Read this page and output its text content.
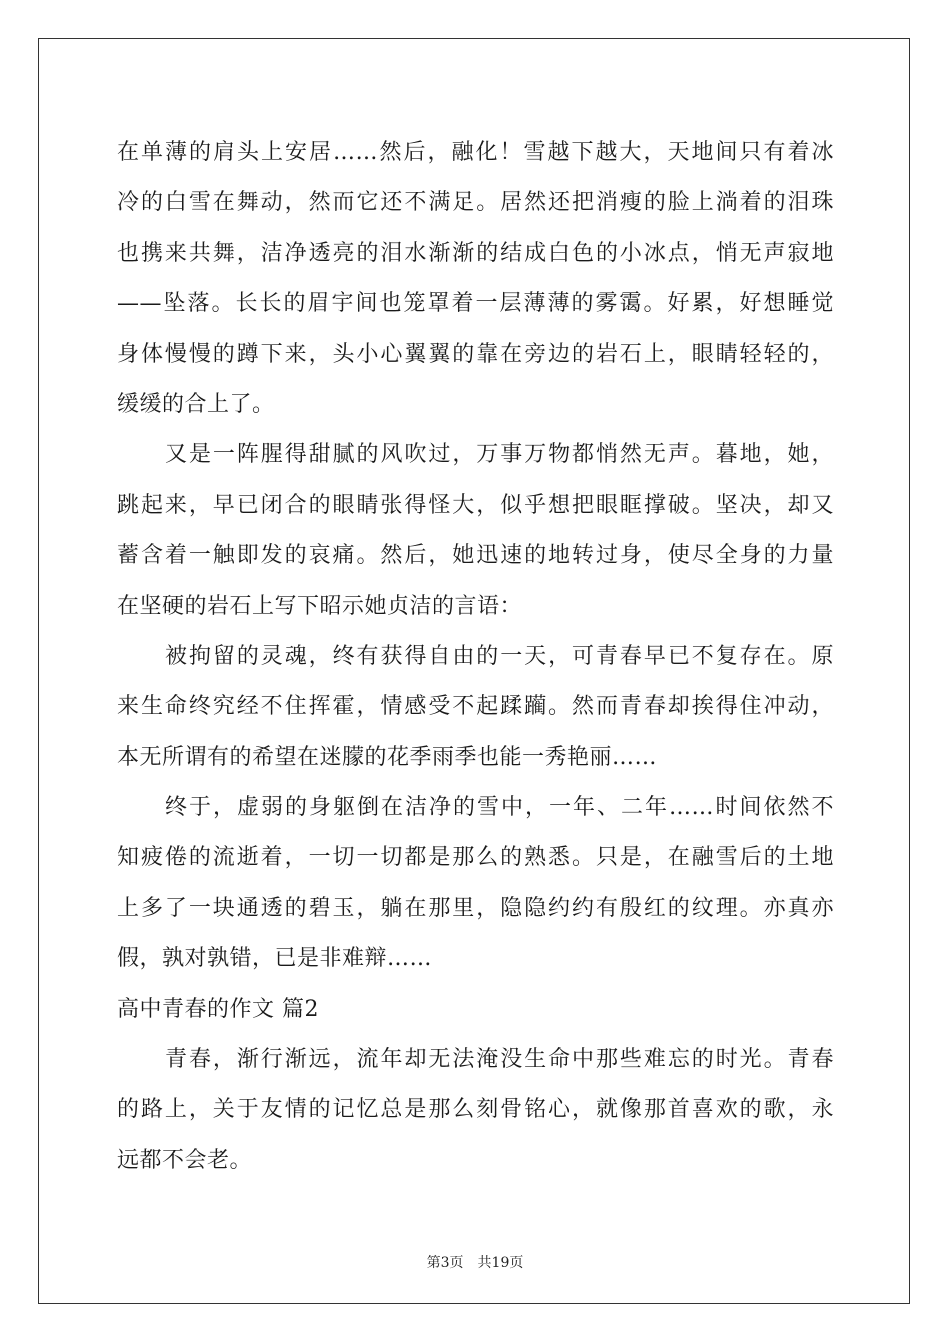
在单薄的肩头上安居……然后，融化！雪越下越大，天地间只有着冰
冷的白雪在舞动，然而它还不满足。居然还把消瘦的脸上淌着的泪珠
也携来共舞，洁净透亮的泪水渐渐的结成白色的小冰点，悄无声寂地
——坠落。长长的眉宇间也笼罩着一层薄薄的雾霭。好累，好想睡觉
身体慢慢的蹲下来，头小心翼翼的靠在旁边的岩石上，眼睛轻轻的，
缓缓的合上了。
又是一阵腥得甜腻的风吹过，万事万物都悄然无声。暮地，她，
跳起来，早已闭合的眼睛张得怪大，似乎想把眼眶撑破。坚决，却又
蓄含着一触即发的哀痛。然后，她迅速的地转过身，使尽全身的力量
在坚硬的岩石上写下昭示她贞洁的言语：
被拘留的灵魂，终有获得自由的一天，可青春早已不复存在。原
来生命终究经不住挥霍，情感受不起蹂躏。然而青春却挨得住冲动，
本无所谓有的希望在迷朦的花季雨季也能一秀艳丽……
终于，虚弱的身躯倒在洁净的雪中，一年、二年……时间依然不
知疲倦的流逝着，一切一切都是那么的熟悉。只是，在融雪后的土地
上多了一块通透的碧玉，躺在那里，隐隐约约有殷红的纹理。亦真亦
假，孰对孰错，已是非难辩……
高中青春的作文 篇2
青春，渐行渐远，流年却无法淹没生命中那些难忘的时光。青春
的路上，关于友情的记忆总是那么刻骨铭心，就像那首喜欢的歌，永
远都不会老。
第3页 共19页
